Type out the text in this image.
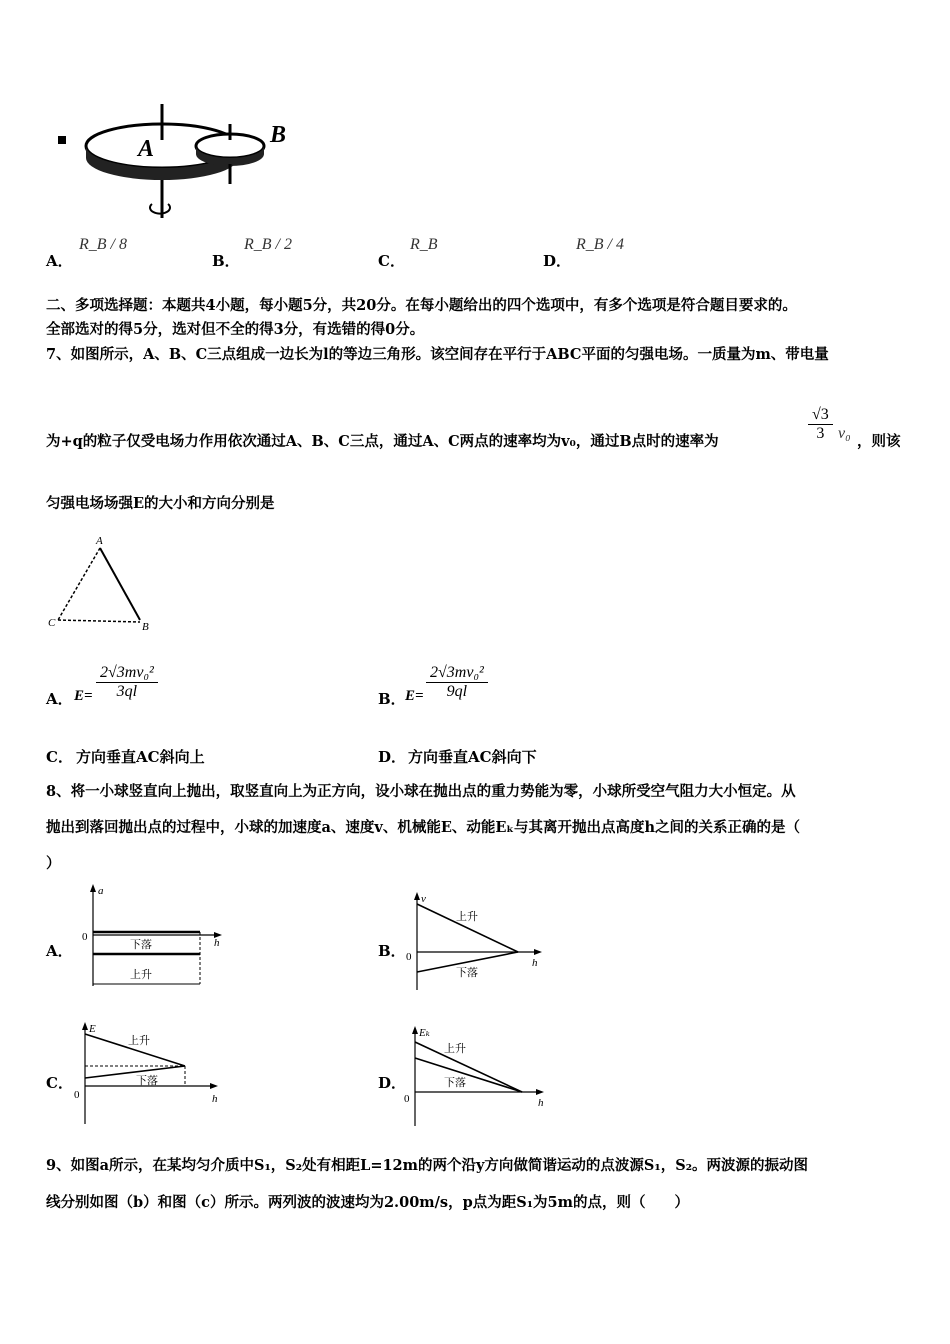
A
B
A．
R_B / 8
B．
R_B / 2
C．
R_B
D．
R_B / 4
二、多项选择题：本题共4小题，每小题5分，共20分。在每小题给出的四个选项中，有多个选项是符合题目要求的。
全部选对的得5分，选对但不全的得3分，有选错的得0分。
7、如图所示，A、B、C三点组成一边长为l的等边三角形。该空间存在平行于ABC平面的匀强电场。一质量为m、带电量
为+q的粒子仅受电场力作用依次通过A、B、C三点，通过A、C两点的速率均为v₀，通过B点时的速率为	$\frac{√3}{3} v_0$ ，则该
匀强电场场强E的大小和方向分别是
A
C	B
A． $E= \frac{\text{2√3mv₀²}}{3ql}$	B． $E= \frac{\text{2√3mv₀²}}{9ql}$
C． 方向垂直AC斜向上	D． 方向垂直AC斜向下
8、将一小球竖直向上抛出，取竖直向上为正方向，设小球在抛出点的重力势能为零，小球所受空气阻力大小恒定。从
抛出到落回抛出点的过程中，小球的加速度a、速度v、机械能E、动能Eₖ与其离开抛出点高度h之间的关系正确的是（
）
A．
a
h
0
下落
上升
B．
v
h
0
上升
下落
C．
E
h
0
上升
下落	D．
Eₖ
h
0
上升
下落
9、如图a所示，在某均匀介质中S₁，S₂处有相距L=12m的两个沿y方向做简谐运动的点波源S₁，S₂。两波源的振动图
线分别如图（b）和图（c）所示。两列波的波速均为2.00m/s，p点为距S₁为5m的点，则（　　）
